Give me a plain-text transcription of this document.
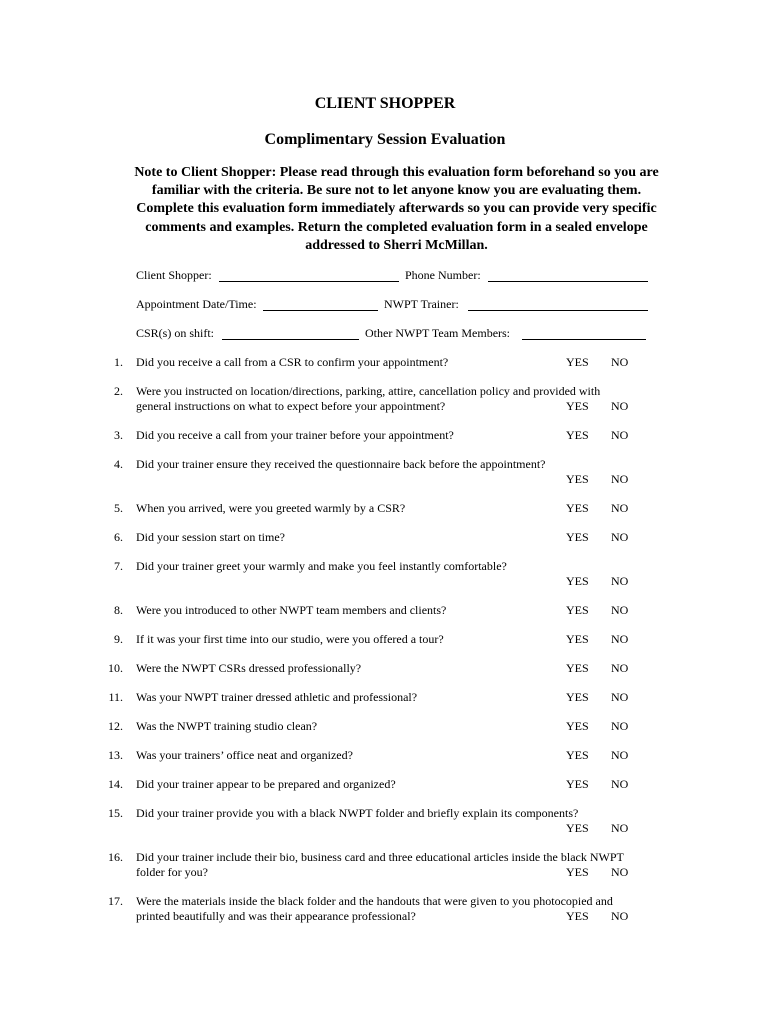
CLIENT SHOPPER
Complimentary Session Evaluation
Note to Client Shopper: Please read through this evaluation form beforehand so you are familiar with the criteria. Be sure not to let anyone know you are evaluating them. Complete this evaluation form immediately afterwards so you can provide very specific comments and examples. Return the completed evaluation form in a sealed envelope addressed to Sherri McMillan.
Client Shopper:	Phone Number:
Appointment Date/Time:	NWPT Trainer:
CSR(s) on shift:	Other NWPT Team Members:
1. Did you receive a call from a CSR to confirm your appointment?	YES NO
2. Were you instructed on location/directions, parking, attire, cancellation policy and provided with
general instructions on what to expect before your appointment?	YES NO
3. Did you receive a call from your trainer before your appointment?	YES NO
4. Did your trainer ensure they received the questionnaire back before the appointment?
YES NO
5. When you arrived, were you greeted warmly by a CSR?	YES NO
6. Did your session start on time?	YES NO
7. Did your trainer greet your warmly and make you feel instantly comfortable?
YES NO
8. Were you introduced to other NWPT team members and clients?	YES NO
9. If it was your first time into our studio, were you offered a tour?	YES NO
10. Were the NWPT CSRs dressed professionally?	YES NO
11. Was your NWPT trainer dressed athletic and professional?	YES NO
12. Was the NWPT training studio clean?	YES NO
13. Was your trainers’ office neat and organized?	YES NO
14. Did your trainer appear to be prepared and organized?	YES NO
15. Did your trainer provide you with a black NWPT folder and briefly explain its components?
YES NO
16. Did your trainer include their bio, business card and three educational articles inside the black NWPT
folder for you?	YES NO
17. Were the materials inside the black folder and the handouts that were given to you photocopied and
printed beautifully and was their appearance professional?	YES NO
